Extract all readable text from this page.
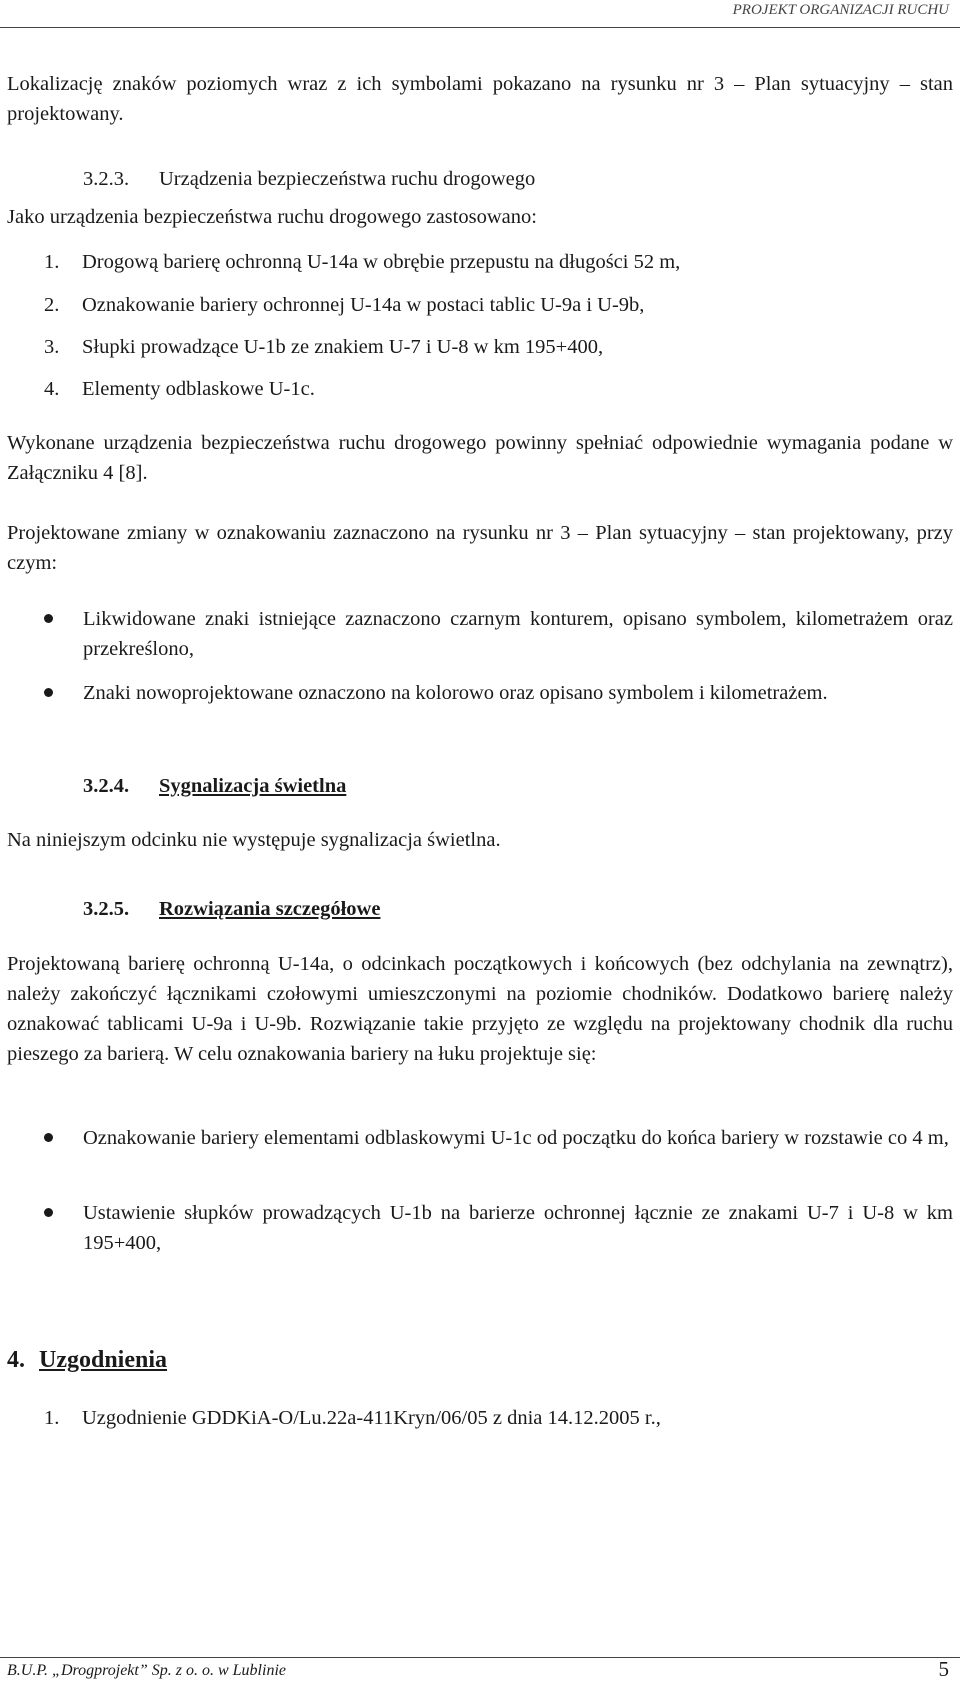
PROJEKT ORGANIZACJI RUCHU
Lokalizację znaków poziomych wraz z ich symbolami pokazano na rysunku nr 3 – Plan sytuacyjny – stan projektowany.
3.2.3. Urządzenia bezpieczeństwa ruchu drogowego
Jako urządzenia bezpieczeństwa ruchu drogowego zastosowano:
1. Drogową barierę ochronną U-14a w obrębie przepustu na długości 52 m,
2. Oznakowanie bariery ochronnej U-14a w postaci tablic U-9a i U-9b,
3. Słupki prowadzące U-1b ze znakiem U-7 i U-8 w km 195+400,
4. Elementy odblaskowe U-1c.
Wykonane urządzenia bezpieczeństwa ruchu drogowego powinny spełniać odpowiednie wymagania podane w Załączniku 4 [8].
Projektowane zmiany w oznakowaniu zaznaczono na rysunku nr 3 – Plan sytuacyjny – stan projektowany, przy czym:
Likwidowane znaki istniejące zaznaczono czarnym konturem, opisano symbolem, kilometrażem oraz przekreślono,
Znaki nowoprojektowane oznaczono na kolorowo oraz opisano symbolem i kilometrażem.
3.2.4. Sygnalizacja świetlna
Na niniejszym odcinku nie występuje sygnalizacja świetlna.
3.2.5. Rozwiązania szczegółowe
Projektowaną barierę ochronną U-14a, o odcinkach początkowych i końcowych (bez odchylania na zewnątrz), należy zakończyć łącznikami czołowymi umieszczonymi na poziomie chodników. Dodatkowo barierę należy oznakować tablicami U-9a i U-9b. Rozwiązanie takie przyjęto ze względu na projektowany chodnik dla ruchu pieszego za barierą. W celu oznakowania bariery na łuku projektuje się:
Oznakowanie bariery elementami odblaskowymi U-1c od początku do końca bariery w rozstawie co 4 m,
Ustawienie słupków prowadzących U-1b na barierze ochronnej łącznie ze znakami U-7 i U-8 w km 195+400,
4. Uzgodnienia
1. Uzgodnienie GDDKiA-O/Lu.22a-411Kryn/06/05 z dnia 14.12.2005 r.,
B.U.P. „Drogprojekt” Sp. z o. o. w Lublinie	5
